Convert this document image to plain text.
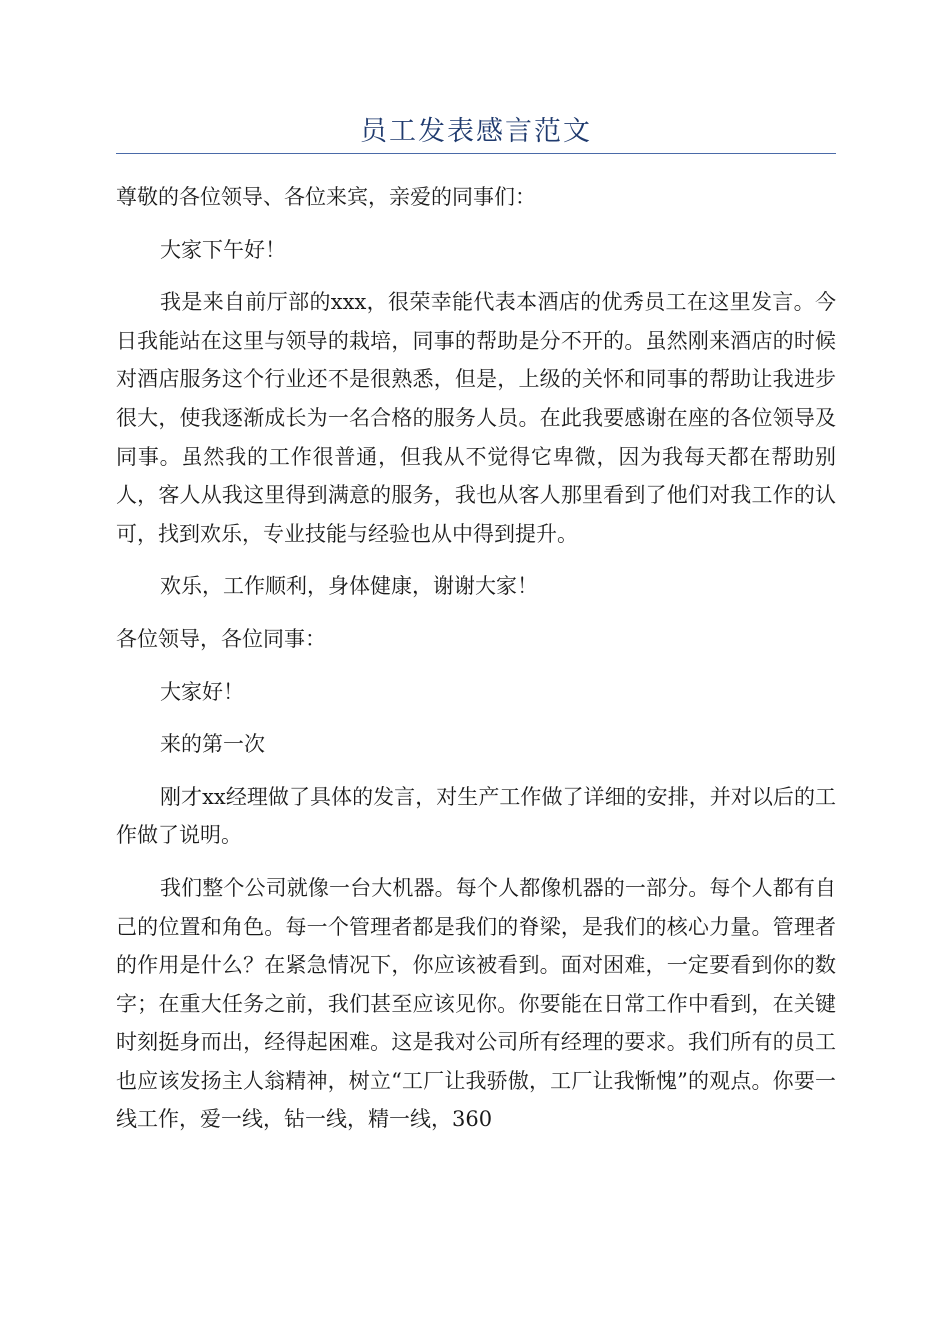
员工发表感言范文

尊敬的各位领导、各位来宾，亲爱的同事们：

大家下午好！

我是来自前厅部的xxx，很荣幸能代表本酒店的优秀员工在这里发言。今日我能站在这里与领导的栽培，同事的帮助是分不开的。虽然刚来酒店的时候对酒店服务这个行业还不是很熟悉，但是，上级的关怀和同事的帮助让我进步很大，使我逐渐成长为一名合格的服务人员。在此我要感谢在座的各位领导及同事。虽然我的工作很普通，但我从不觉得它卑微，因为我每天都在帮助别人，客人从我这里得到满意的服务，我也从客人那里看到了他们对我工作的认可，找到欢乐，专业技能与经验也从中得到提升。

欢乐，工作顺利，身体健康，谢谢大家！

各位领导，各位同事：

大家好！

来的第一次

刚才xx经理做了具体的发言，对生产工作做了详细的安排，并对以后的工作做了说明。

我们整个公司就像一台大机器。每个人都像机器的一部分。每个人都有自己的位置和角色。每一个管理者都是我们的脊梁，是我们的核心力量。管理者的作用是什么？在紧急情况下，你应该被看到。面对困难，一定要看到你的数字；在重大任务之前，我们甚至应该见你。你要能在日常工作中看到，在关键时刻挺身而出，经得起困难。这是我对公司所有经理的要求。我们所有的员工也应该发扬主人翁精神，树立“工厂让我骄傲，工厂让我惭愧”的观点。你要一线工作，爱一线，钻一线，精一线，360
